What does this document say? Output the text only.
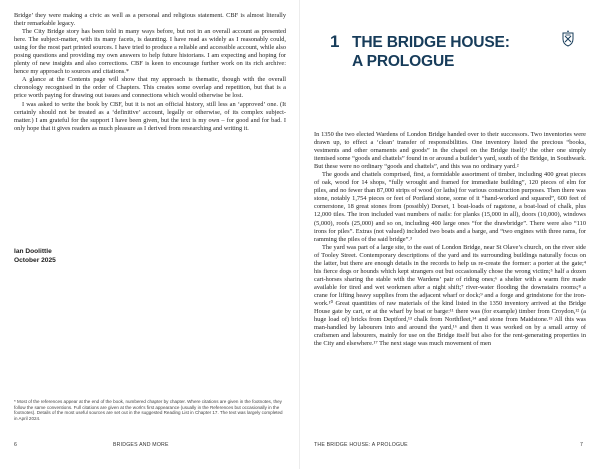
Bridge’ they were making a civic as well as a personal and religious statement. CBF is almost literally their remarkable legacy.

The City Bridge story has been told in many ways before, but not in an overall account as presented here. The subject-matter, with its many facets, is daunting. I have read as widely as I reasonably could, using for the most part printed sources. I have tried to produce a reliable and accessible account, while also posing questions and providing my own answers to help future historians. I am expecting and hoping for plenty of new insights and also corrections. CBF is keen to encourage further work on its rich archive: hence my approach to sources and citations.*

A glance at the Contents page will show that my approach is thematic, though with the overall chronology recognised in the order of Chapters. This creates some overlap and repetition, but that is a price worth paying for drawing out issues and connections which would otherwise be lost.

I was asked to write the book by CBF, but it is not an official history, still less an ‘approved’ one. (It certainly should not be treated as a ‘definitive’ account, legally or otherwise, of its complex subject-matter.) I am grateful for the support I have been given, but the text is my own – for good and for bad. I only hope that it gives readers as much pleasure as I derived from researching and writing it.

Ian Doolittle
October 2025
* Most of the references appear at the end of the book, numbered chapter by chapter. Where citations are given in the footnotes, they follow the same conventions. Full citations are given at the work's first appearance (usually in the References but occasionally in the footnotes). Details of the most useful sources are set out in the suggested Reading List in Chapter 17. The text was largely completed in April 2024.
6	BRIDGES AND MORE
1 THE BRIDGE HOUSE:
A PROLOGUE

In 1350 the two elected Wardens of London Bridge handed over to their successors. Two inventories were drawn up, to effect a ‘clean’ transfer of responsibilities. One inventory listed the precious “books, vestments and other ornaments and goods” in the chapel on the Bridge itself;¹ the other one simply itemised some “goods and chattels” found in or around a builder’s yard, south of the Bridge, in Southwark. But these were no ordinary “goods and chattels”, and this was no ordinary yard.²

The goods and chattels comprised, first, a formidable assortment of timber, including 400 great pieces of oak, wood for 14 shops, “fully wrought and framed for immediate building”, 120 pieces of elm for piles, and no fewer than 87,000 strips of wood (or laths) for various construction purposes. Then there was stone, notably 1,754 pieces or feet of Portland stone, some of it “hand-worked and squared”, 600 feet of cornerstone, 18 great stones from (possibly) Dorset, 1 boat-loads of ragstone, a boat-load of chalk, plus 12,000 tiles. The iron included vast numbers of nails: for planks (15,000 in all), doors (10,000), windows (5,000), roofs (25,000) and so on, including 400 large ones “for the drawbridge”. There were also “110 irons for piles”. Extras (not valued) included two boats and a barge, and “two engines with three rams, for ramming the piles of the said bridge”.³

The yard was part of a large site, to the east of London Bridge, near St Olave’s church, on the river side of Tooley Street. Contemporary descriptions of the yard and its surrounding buildings naturally focus on the latter, but there are enough details in the records to help us re-create the former: a porter at the gate;⁴ his fierce dogs or hounds which kept strangers out but occasionally chose the wrong victim;⁵ half a dozen cart-horses sharing the stable with the Wardens’ pair of riding ones;⁶ a shelter with a warm fire made available for tired and wet workmen after a night shift;⁷ river-water flooding the downstairs rooms;⁸ a crane for lifting heavy supplies from the adjacent wharf or dock;⁹ and a forge and grindstone for the iron-work.¹⁰ Great quantities of raw materials of the kind listed in the 1350 inventory arrived at the Bridge House gate by cart, or at the wharf by boat or barge:¹¹ there was (for example) timber from Croydon,¹² (a huge load of) bricks from Deptford,¹³ chalk from Northfleet,¹⁴ and stone from Maidstone.¹⁵ All this was man-handled by labourers into and around the yard,¹⁶ and then it was worked on by a small army of craftsmen and labourers, mainly for use on the Bridge itself but also for the rent-generating properties in the City and elsewhere.¹⁷ The next stage was much movement of men

THE BRIDGE HOUSE: A PROLOGUE	7
